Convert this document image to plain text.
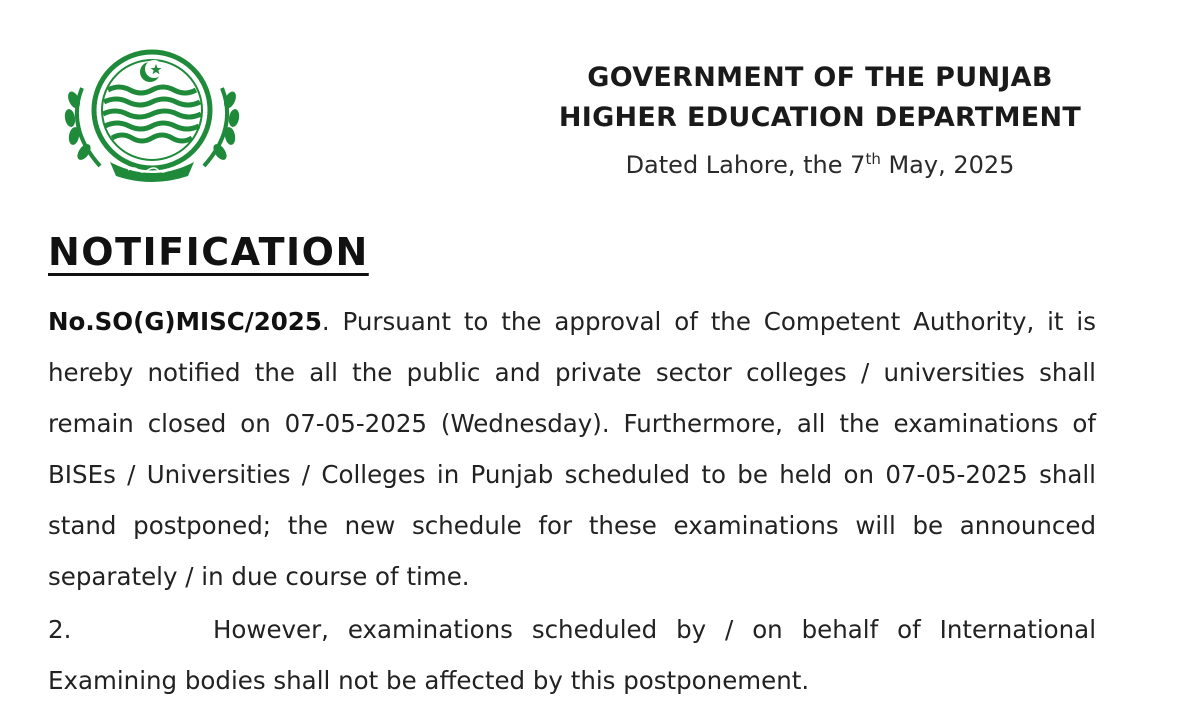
GOVERNMENT OF THE PUNJAB
HIGHER EDUCATION DEPARTMENT
Dated Lahore, the 7th May, 2025
NOTIFICATION
No.SO(G)MISC/2025. Pursuant to the approval of the Competent Authority, it is hereby notified the all the public and private sector colleges / universities shall remain closed on 07-05-2025 (Wednesday). Furthermore, all the examinations of BISEs / Universities / Colleges in Punjab scheduled to be held on 07-05-2025 shall stand postponed; the new schedule for these examinations will be announced separately / in due course of time.
2.	However, examinations scheduled by / on behalf of International Examining bodies shall not be affected by this postponement.
